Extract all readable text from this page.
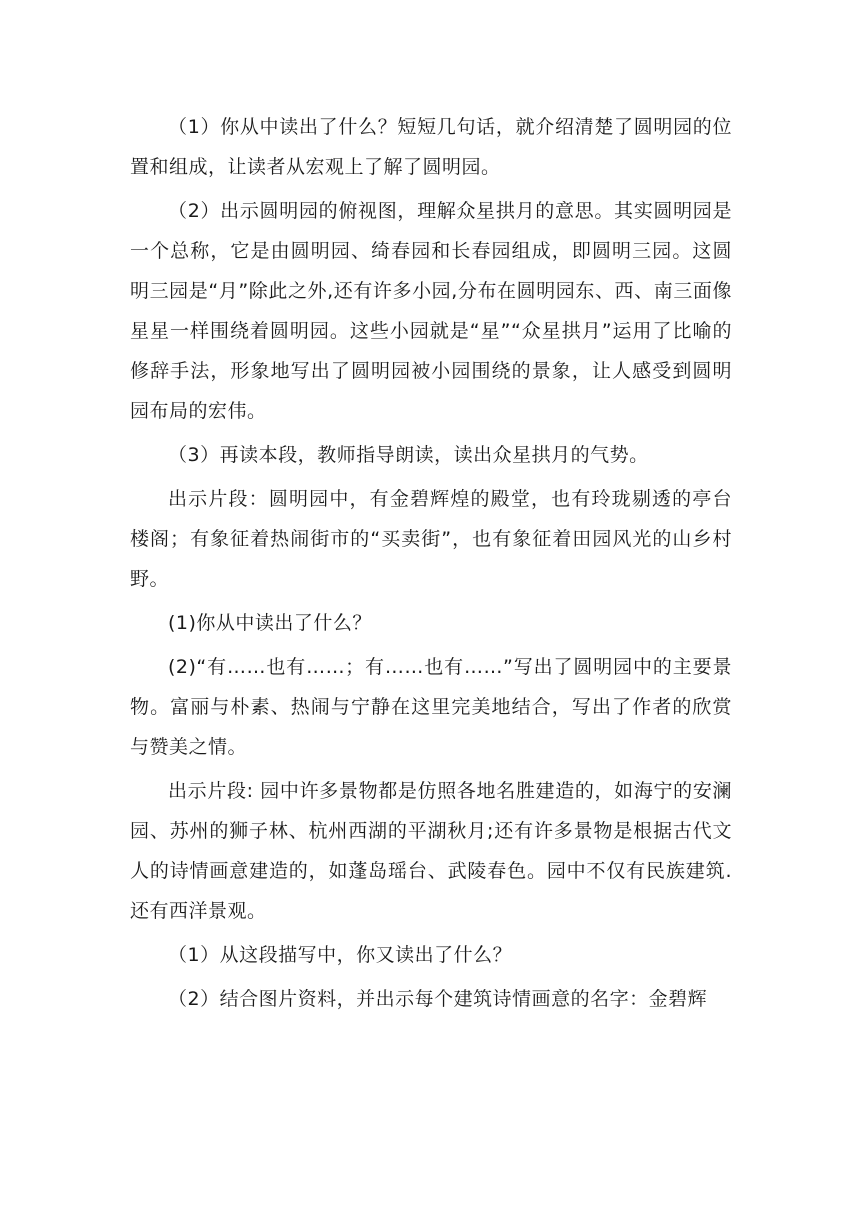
（1）你从中读出了什么？短短几句话，就介绍清楚了圆明园的位置和组成，让读者从宏观上了解了圆明园。

（2）出示圆明园的俯视图，理解众星拱月的意思。其实圆明园是一个总称，它是由圆明园、绮春园和长春园组成，即圆明三园。这圆明三园是“月”除此之外,还有许多小园,分布在圆明园东、西、南三面像星星一样围绕着圆明园。这些小园就是“星”“众星拱月”运用了比喻的修辞手法，形象地写出了圆明园被小园围绕的景象，让人感受到圆明园布局的宏伟。

（3）再读本段，教师指导朗读，读出众星拱月的气势。

出示片段：圆明园中，有金碧辉煌的殿堂，也有玲珑剔透的亭台楼阁；有象征着热闹街市的“买卖街”，也有象征着田园风光的山乡村野。

(1)你从中读出了什么？

(2)“有……也有……；有……也有……”写出了圆明园中的主要景物。富丽与朴素、热闹与宁静在这里完美地结合，写出了作者的欣赏与赞美之情。

出示片段: 园中许多景物都是仿照各地名胜建造的，如海宁的安澜园、苏州的狮子林、杭州西湖的平湖秋月;还有许多景物是根据古代文人的诗情画意建造的，如蓬岛瑶台、武陵春色。园中不仅有民族建筑.还有西洋景观。

（1）从这段描写中，你又读出了什么？

（2）结合图片资料，并出示每个建筑诗情画意的名字：金碧辉
